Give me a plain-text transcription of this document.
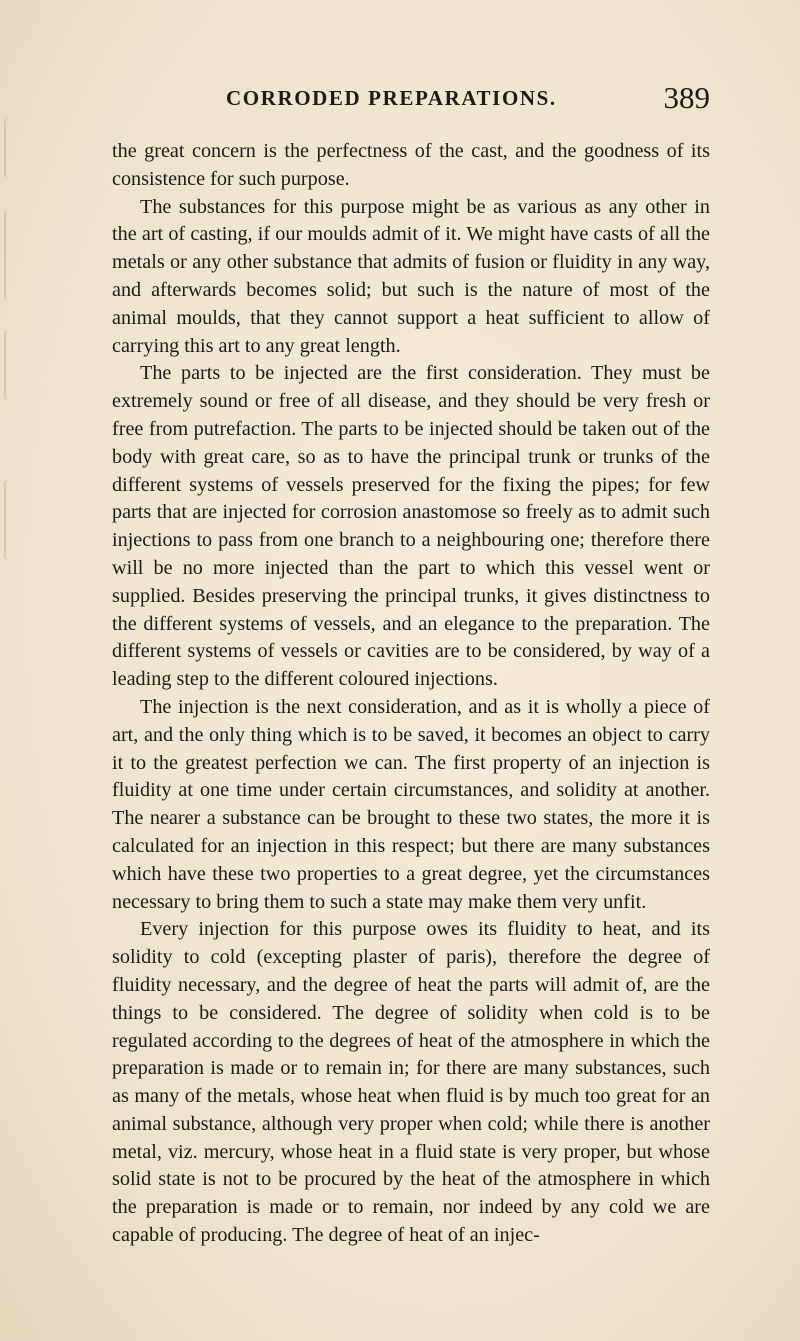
CORRODED PREPARATIONS.	389

the great concern is the perfectness of the cast, and the goodness of its consistence for such purpose.

The substances for this purpose might be as various as any other in the art of casting, if our moulds admit of it. We might have casts of all the metals or any other substance that admits of fusion or fluidity in any way, and afterwards becomes solid; but such is the nature of most of the animal moulds, that they cannot support a heat sufficient to allow of carrying this art to any great length.

The parts to be injected are the first consideration. They must be extremely sound or free of all disease, and they should be very fresh or free from putrefaction. The parts to be injected should be taken out of the body with great care, so as to have the principal trunk or trunks of the different systems of vessels preserved for the fixing the pipes; for few parts that are injected for corrosion anastomose so freely as to admit such injections to pass from one branch to a neighbouring one; therefore there will be no more injected than the part to which this vessel went or supplied. Besides preserving the principal trunks, it gives distinctness to the different systems of vessels, and an elegance to the preparation. The different systems of vessels or cavities are to be considered, by way of a leading step to the different coloured injections.

The injection is the next consideration, and as it is wholly a piece of art, and the only thing which is to be saved, it becomes an object to carry it to the greatest perfection we can. The first property of an injection is fluidity at one time under certain circumstances, and solidity at another. The nearer a substance can be brought to these two states, the more it is calculated for an injection in this respect; but there are many substances which have these two properties to a great degree, yet the circumstances necessary to bring them to such a state may make them very unfit.

Every injection for this purpose owes its fluidity to heat, and its solidity to cold (excepting plaster of paris), therefore the degree of fluidity necessary, and the degree of heat the parts will admit of, are the things to be considered. The degree of solidity when cold is to be regulated according to the degrees of heat of the atmosphere in which the preparation is made or to remain in; for there are many substances, such as many of the metals, whose heat when fluid is by much too great for an animal substance, although very proper when cold; while there is another metal, viz. mercury, whose heat in a fluid state is very proper, but whose solid state is not to be procured by the heat of the atmosphere in which the preparation is made or to remain, nor indeed by any cold we are capable of producing. The degree of heat of an injec-
